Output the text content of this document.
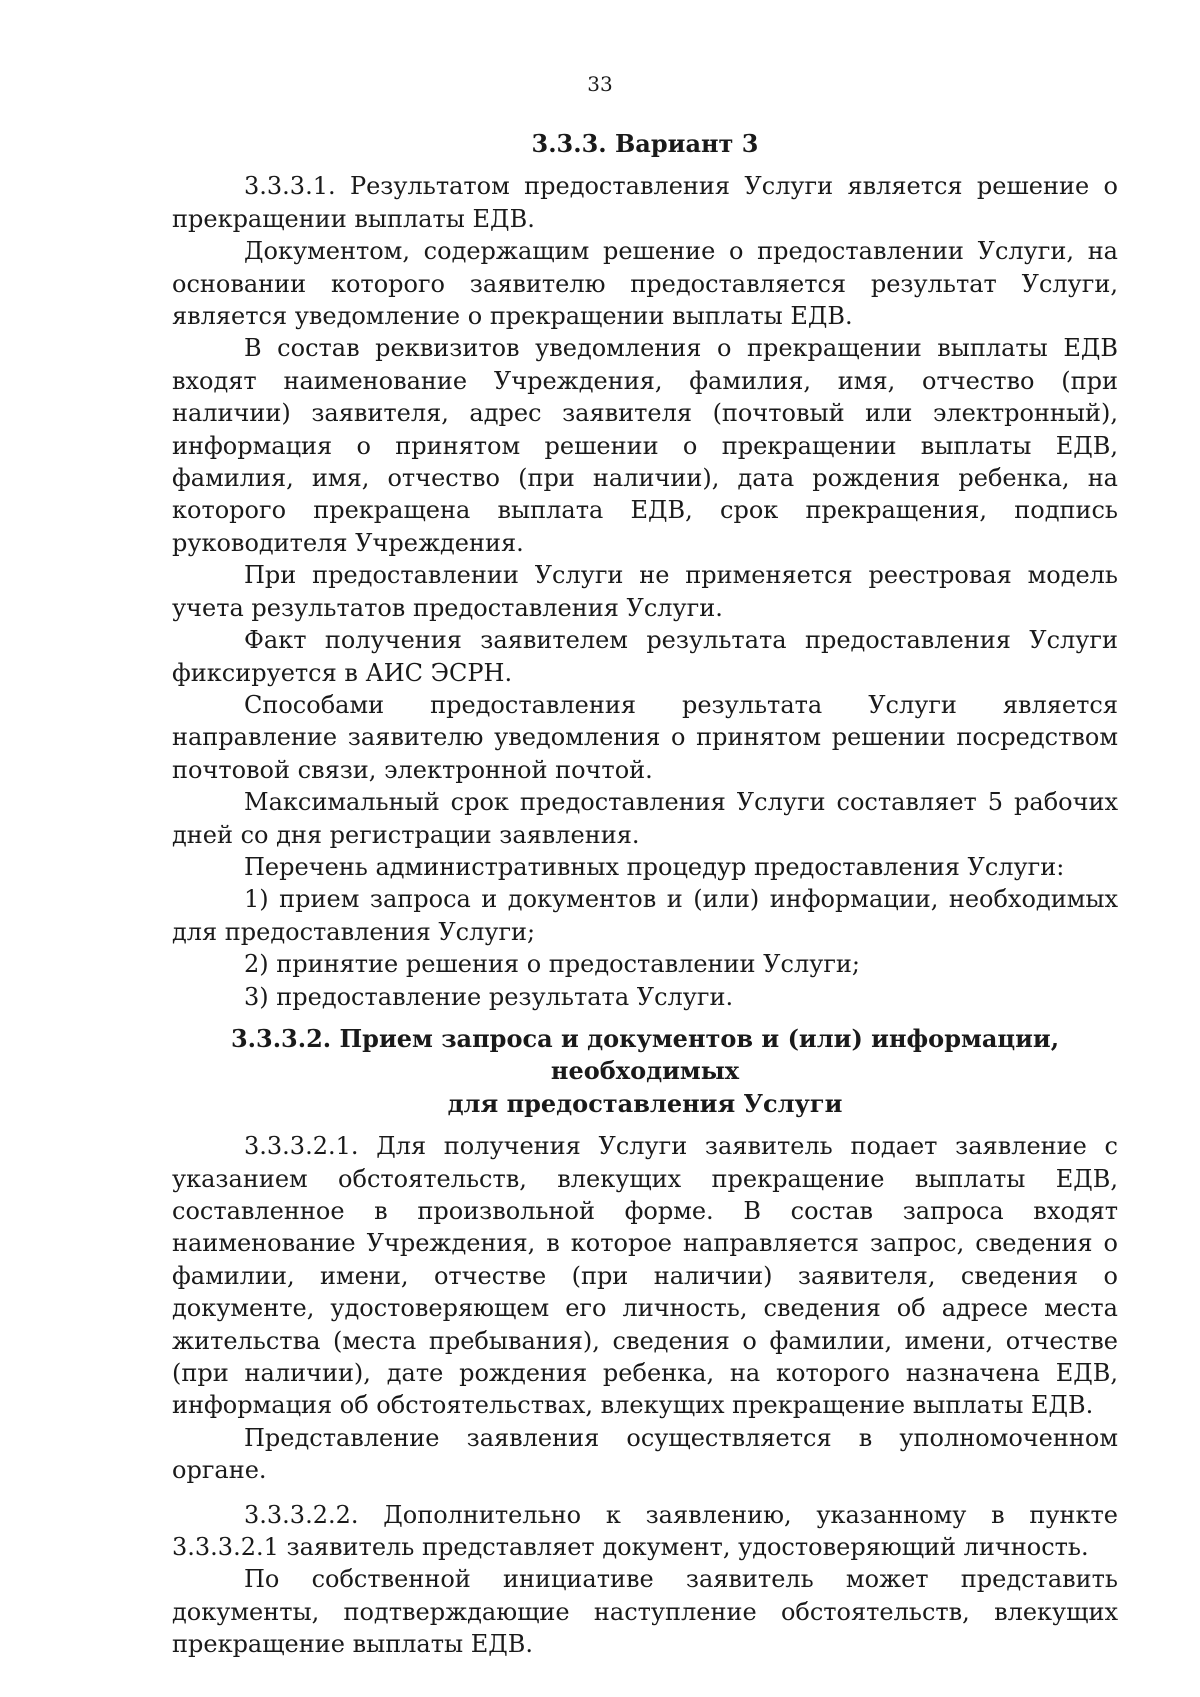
33
3.3.3. Вариант 3

3.3.3.1. Результатом предоставления Услуги является решение о прекращении выплаты ЕДВ.

Документом, содержащим решение о предоставлении Услуги, на основании которого заявителю предоставляется результат Услуги, является уведомление о прекращении выплаты ЕДВ.

В состав реквизитов уведомления о прекращении выплаты ЕДВ входят наименование Учреждения, фамилия, имя, отчество (при наличии) заявителя, адрес заявителя (почтовый или электронный), информация о принятом решении о прекращении выплаты ЕДВ, фамилия, имя, отчество (при наличии), дата рождения ребенка, на которого прекращена выплата ЕДВ, срок прекращения, подпись руководителя Учреждения.

При предоставлении Услуги не применяется реестровая модель учета результатов предоставления Услуги.

Факт получения заявителем результата предоставления Услуги фиксируется в АИС ЭСРН.

Способами предоставления результата Услуги является направление заявителю уведомления о принятом решении посредством почтовой связи, электронной почтой.

Максимальный срок предоставления Услуги составляет 5 рабочих дней со дня регистрации заявления.

Перечень административных процедур предоставления Услуги:

1) прием запроса и документов и (или) информации, необходимых для предоставления Услуги;

2) принятие решения о предоставлении Услуги;

3) предоставление результата Услуги.

3.3.3.2. Прием запроса и документов и (или) информации, необходимых
для предоставления Услуги

3.3.3.2.1. Для получения Услуги заявитель подает заявление с указанием обстоятельств, влекущих прекращение выплаты ЕДВ, составленное в произвольной форме. В состав запроса входят наименование Учреждения, в которое направляется запрос, сведения о фамилии, имени, отчестве (при наличии) заявителя, сведения о документе, удостоверяющем его личность, сведения об адресе места жительства (места пребывания), сведения о фамилии, имени, отчестве (при наличии), дате рождения ребенка, на которого назначена ЕДВ, информация об обстоятельствах, влекущих прекращение выплаты ЕДВ.

Представление заявления осуществляется в уполномоченном органе.

3.3.3.2.2. Дополнительно к заявлению, указанному в пункте 3.3.3.2.1 заявитель представляет документ, удостоверяющий личность.

По собственной инициативе заявитель может представить документы, подтверждающие наступление обстоятельств, влекущих прекращение выплаты ЕДВ.
